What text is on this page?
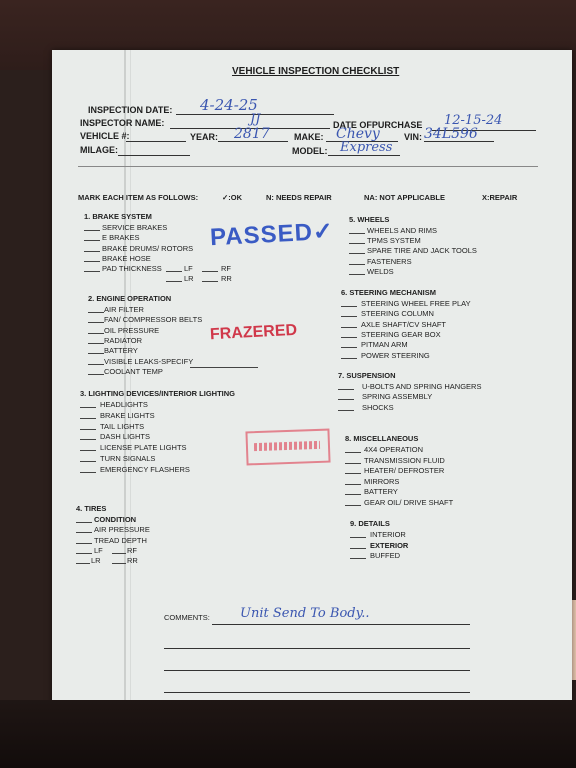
VEHICLE INSPECTION CHECKLIST
INSPECTION DATE: 4-24-25
INSPECTOR NAME:	JJ	DATE OFPURCHASE 12-15-24
VEHICLE #:	YEAR: 2817	MAKE: Chevy	VIN: 34L596
MILAGE:	MODEL: Express
MARK EACH ITEM AS FOLLOWS:	✓:OK	N: NEEDS REPAIR	NA: NOT APPLICABLE	X:REPAIR
PASSED✓
FRAZERED
1. BRAKE SYSTEM
SERVICE BRAKES
E BRAKES
BRAKE DRUMS/ ROTORS
BRAKE HOSE
PAD THICKNESS	LF	RF
LR	RR
2. ENGINE OPERATION
AIR FILTER
FAN/ COMPRESSOR BELTS
OIL PRESSURE
RADIATOR
BATTERY
VISIBLE LEAKS-SPECIFY
COOLANT TEMP
3. LIGHTING DEVICES/INTERIOR LIGHTING
HEADLIGHTS
BRAKE LIGHTS
TAIL LIGHTS
DASH LIGHTS
LICENSE PLATE LIGHTS
TURN SIGNALS
EMERGENCY FLASHERS
4. TIRES
CONDITION
AIR PRESSURE
TREAD DEPTH
LF	RF
LR	RR
5. WHEELS
WHEELS AND RIMS
TPMS SYSTEM
SPARE TIRE AND JACK TOOLS
FASTENERS
WELDS
6. STEERING MECHANISM
STEERING WHEEL FREE PLAY
STEERING COLUMN
AXLE SHAFT/CV SHAFT
STEERING GEAR BOX
PITMAN ARM
POWER STEERING
7. SUSPENSION
U-BOLTS AND SPRING HANGERS
SPRING ASSEMBLY
SHOCKS
8. MISCELLANEOUS
4X4 OPERATION
TRANSMISSION FLUID
HEATER/ DEFROSTER
MIRRORS
BATTERY
GEAR OIL/ DRIVE SHAFT
9. DETAILS
INTERIOR
EXTERIOR
BUFFED
COMMENTS: Unit Send To Body..
